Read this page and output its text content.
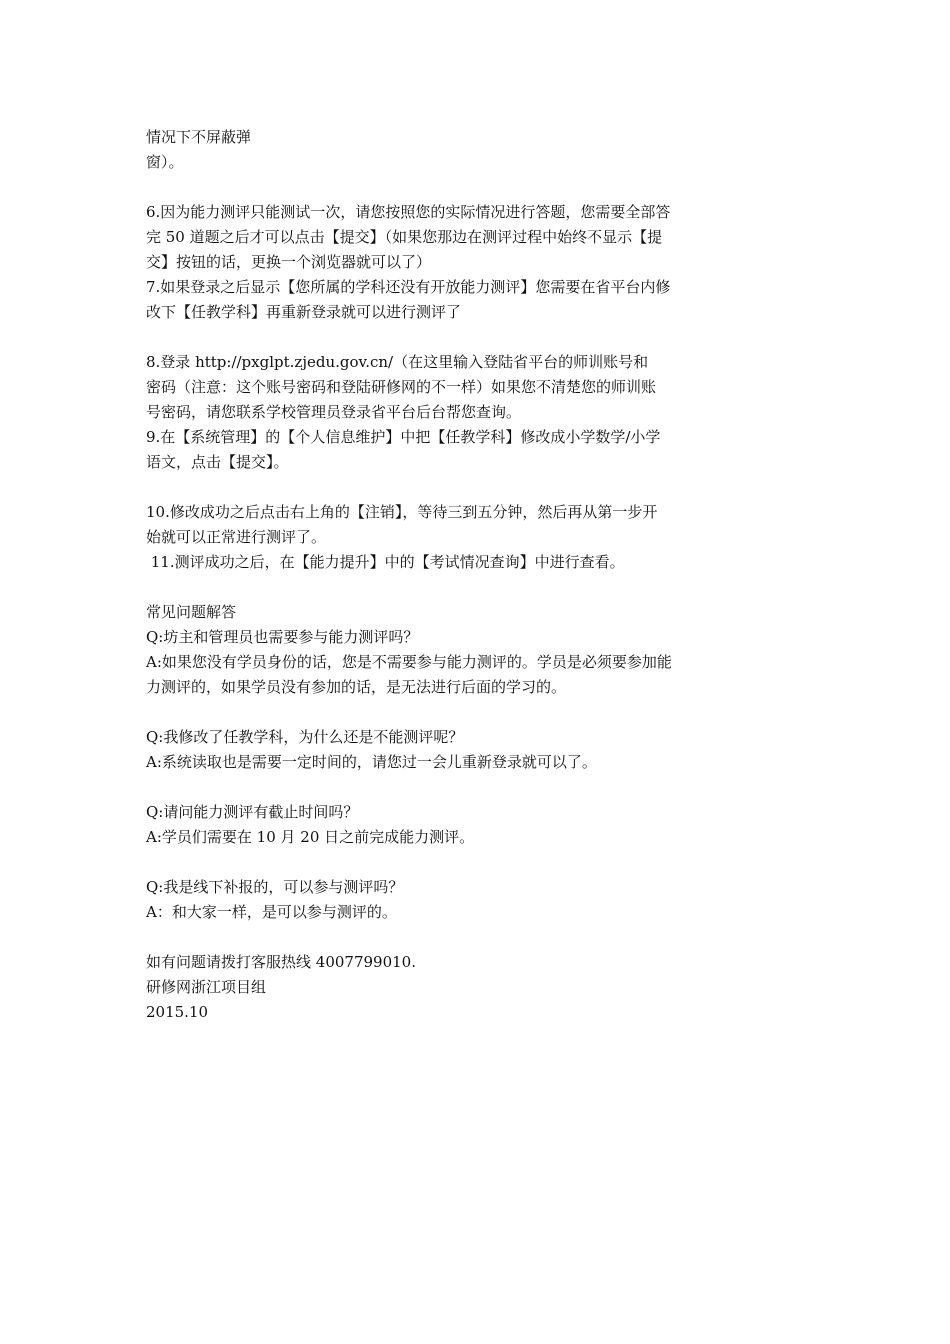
情况下不屏蔽弹
窗）。
6.因为能力测评只能测试一次，请您按照您的实际情况进行答题，您需要全部答
完 50 道题之后才可以点击【提交】（如果您那边在测评过程中始终不显示【提
交】按钮的话，更换一个浏览器就可以了）
7.如果登录之后显示【您所属的学科还没有开放能力测评】您需要在省平台内修
改下【任教学科】再重新登录就可以进行测评了
8.登录 http://pxglpt.zjedu.gov.cn/（在这里输入登陆省平台的师训账号和
密码（注意：这个账号密码和登陆研修网的不一样）如果您不清楚您的师训账
号密码，请您联系学校管理员登录省平台后台帮您查询。
9.在【系统管理】的【个人信息维护】中把【任教学科】修改成小学数学/小学
语文，点击【提交】。
10.修改成功之后点击右上角的【注销】，等待三到五分钟，然后再从第一步开
始就可以正常进行测评了。
11.测评成功之后，在【能力提升】中的【考试情况查询】中进行查看。
常见问题解答
Q:坊主和管理员也需要参与能力测评吗？
A:如果您没有学员身份的话，您是不需要参与能力测评的。学员是必须要参加能
力测评的，如果学员没有参加的话，是无法进行后面的学习的。
Q:我修改了任教学科，为什么还是不能测评呢？
A:系统读取也是需要一定时间的，请您过一会儿重新登录就可以了。
Q:请问能力测评有截止时间吗？
A:学员们需要在 10 月 20 日之前完成能力测评。
Q:我是线下补报的，可以参与测评吗？
A：和大家一样，是可以参与测评的。
如有问题请拨打客服热线 4007799010.
研修网浙江项目组
2015.10
